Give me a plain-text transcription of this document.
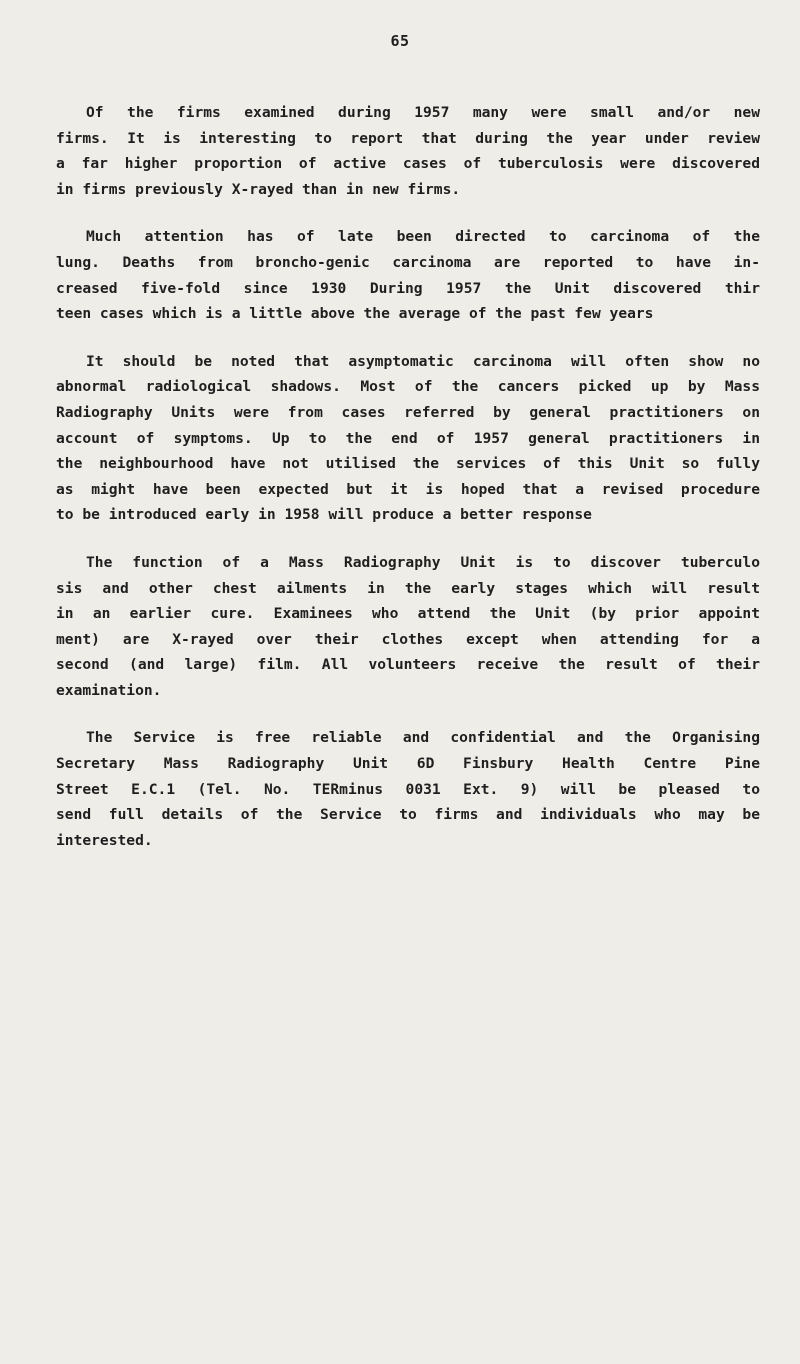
65

Of the firms examined during 1957 many were small and/or new
firms. It is interesting to report that during the year under review
a far higher proportion of active cases of tuberculosis were discovered
in firms previously X-rayed than in new firms.

Much attention has of late been directed to carcinoma of the
lung. Deaths from broncho-genic carcinoma are reported to have in-
creased five-fold since 1930 During 1957 the Unit discovered thir
teen cases which is a little above the average of the past few years

It should be noted that asymptomatic carcinoma will often show no
abnormal radiological shadows. Most of the cancers picked up by Mass
Radiography Units were from cases referred by general practitioners on
account of symptoms. Up to the end of 1957 general practitioners in
the neighbourhood have not utilised the services of this Unit so fully
as might have been expected but it is hoped that a revised procedure
to be introduced early in 1958 will produce a better response

The function of a Mass Radiography Unit is to discover tuberculo
sis and other chest ailments in the early stages which will result
in an earlier cure. Examinees who attend the Unit (by prior appoint
ment) are X-rayed over their clothes except when attending for a
second (and large) film. All volunteers receive the result of their
examination.

The Service is free reliable and confidential and the Organising
Secretary Mass Radiography Unit 6D Finsbury Health Centre Pine
Street E.C.1 (Tel. No. TERminus 0031 Ext. 9) will be pleased to
send full details of the Service to firms and individuals who may be
interested.
